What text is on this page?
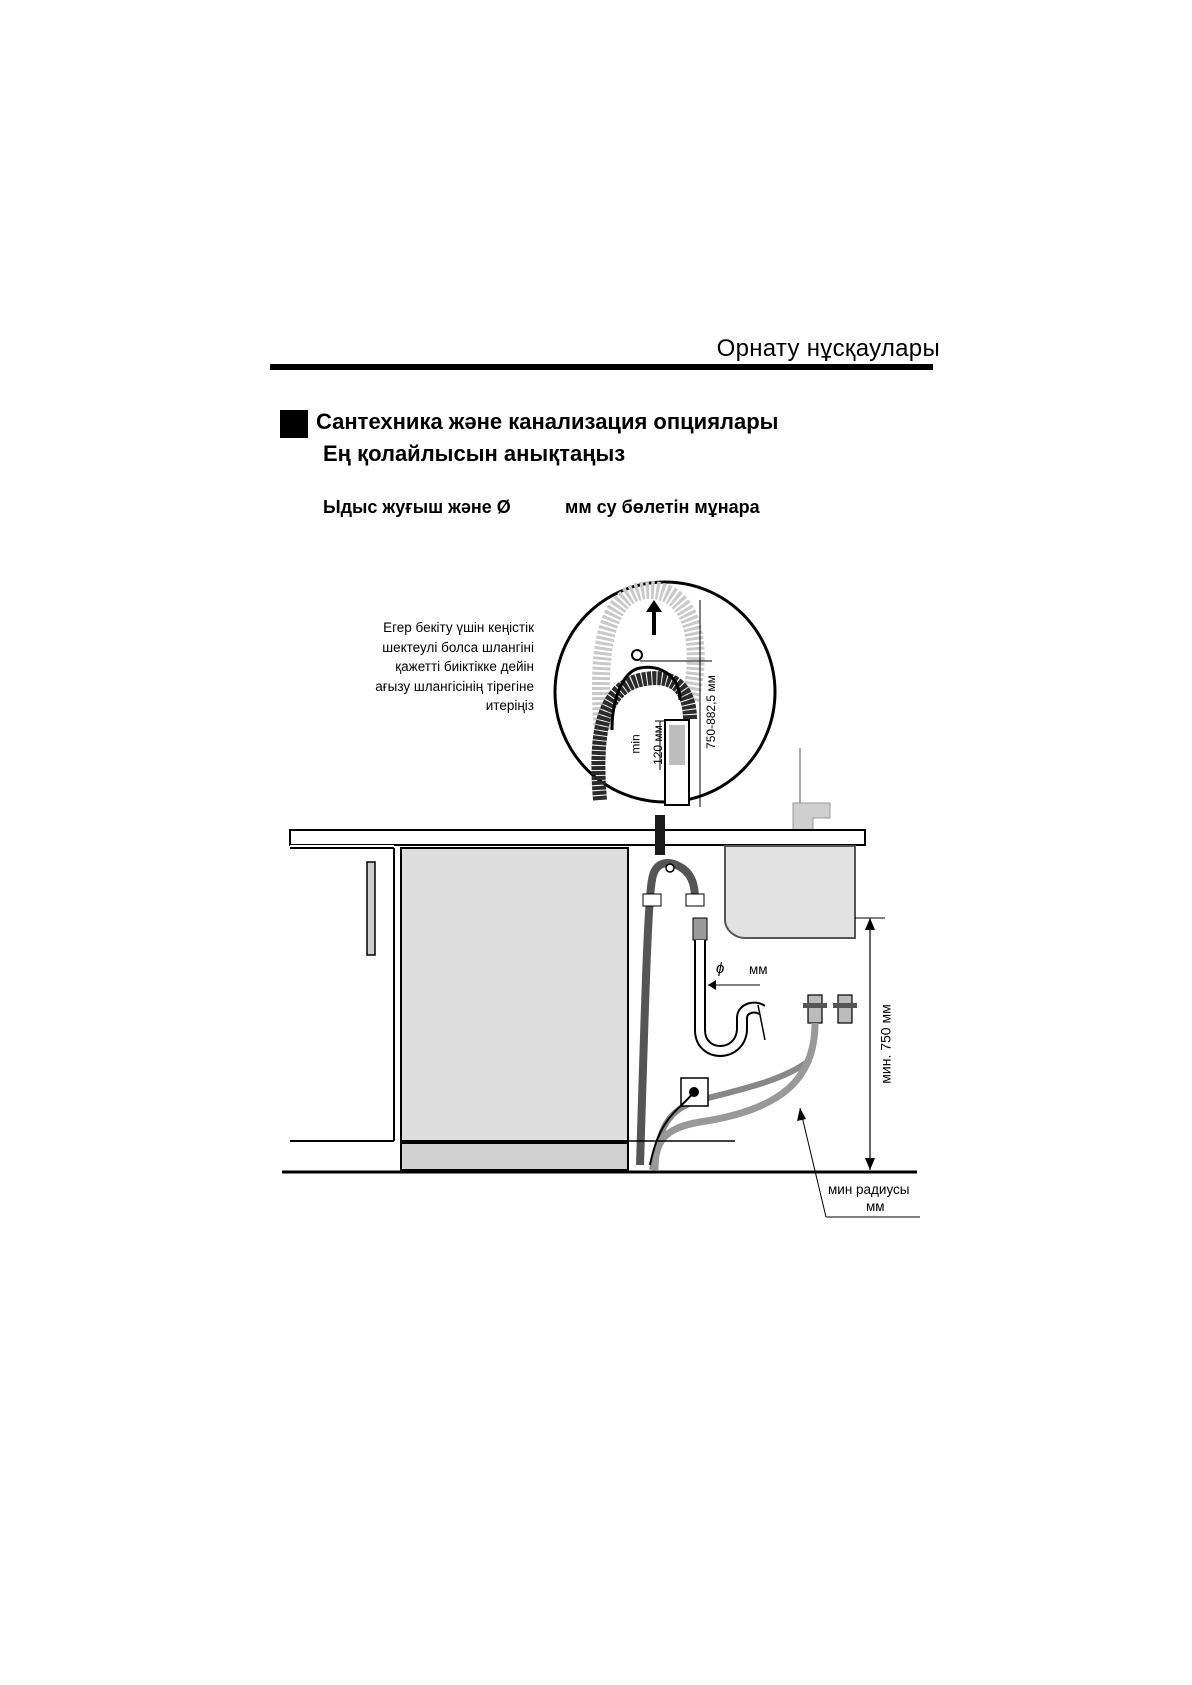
Орнату нұсқаулары
Сантехника және канализация опциялары
Ең қолайлысын анықтаңыз
Ыдыс жуғыш және Ø	мм су бөлетін мұнара
Егер бекіту үшін кеңістік
шектеулі болса шлангіні
қажетті биіктікке дейін
ағызу шлангісінің тірегіне
итеріңіз
min 120 мм	750-882,5 мм
ϕ мм
мин. 750 мм
мин радиусы
мм
